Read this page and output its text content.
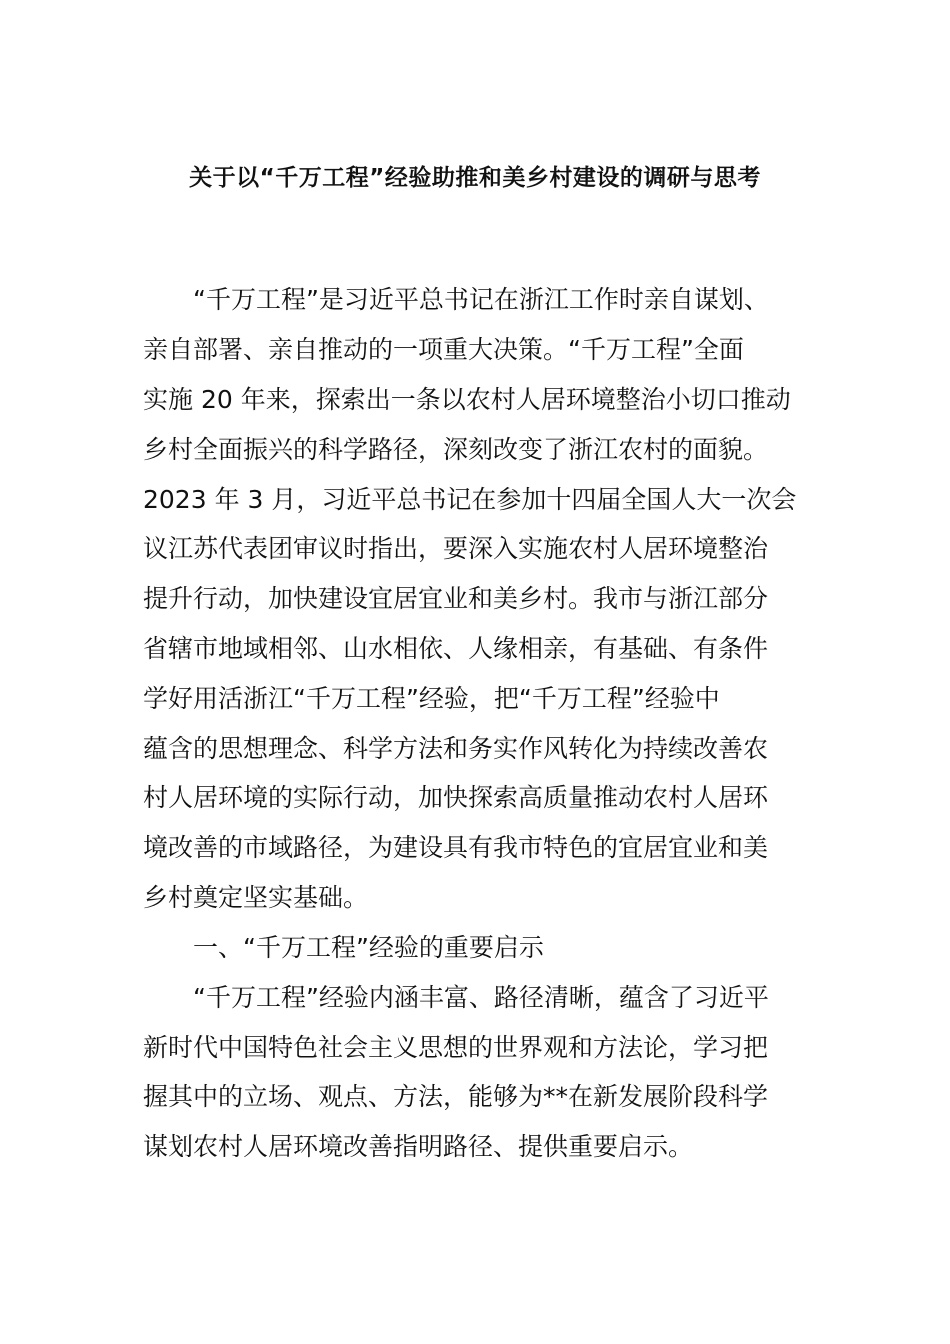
关于以“千万工程”经验助推和美乡村建设的调研与思考
“千万工程”是习近平总书记在浙江工作时亲自谋划、
亲自部署、亲自推动的一项重大决策。“千万工程”全面
实施 20 年来，探索出一条以农村人居环境整治小切口推动
乡村全面振兴的科学路径，深刻改变了浙江农村的面貌。
2023 年 3 月，习近平总书记在参加十四届全国人大一次会
议江苏代表团审议时指出，要深入实施农村人居环境整治
提升行动，加快建设宜居宜业和美乡村。我市与浙江部分
省辖市地域相邻、山水相依、人缘相亲，有基础、有条件
学好用活浙江“千万工程”经验，把“千万工程”经验中
蕴含的思想理念、科学方法和务实作风转化为持续改善农
村人居环境的实际行动，加快探索高质量推动农村人居环
境改善的市域路径，为建设具有我市特色的宜居宜业和美
乡村奠定坚实基础。
一、“千万工程”经验的重要启示
“千万工程”经验内涵丰富、路径清晰，蕴含了习近平
新时代中国特色社会主义思想的世界观和方法论，学习把
握其中的立场、观点、方法，能够为**在新发展阶段科学
谋划农村人居环境改善指明路径、提供重要启示。
